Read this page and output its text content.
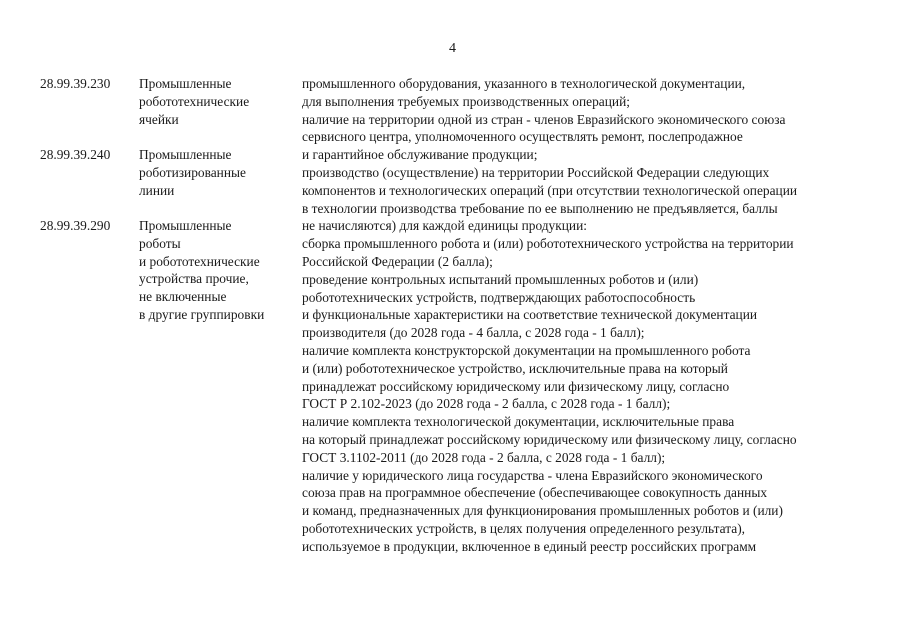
4
28.99.39.230
28.99.39.240
28.99.39.290
Промышленные
робототехнические
ячейки
Промышленные
роботизированные
линии
Промышленные
роботы
и робототехнические
устройства прочие,
не включенные
в другие группировки
промышленного оборудования, указанного в технологической документации,
для выполнения требуемых производственных операций;
наличие на территории одной из стран - членов Евразийского экономического союза
сервисного центра, уполномоченного осуществлять ремонт, послепродажное
и гарантийное обслуживание продукции;
производство (осуществление) на территории Российской Федерации следующих
компонентов и технологических операций (при отсутствии технологической операции
в технологии производства требование по ее выполнению не предъявляется, баллы
не начисляются) для каждой единицы продукции:
сборка промышленного робота и (или) робототехнического устройства на территории
Российской Федерации (2 балла);
проведение контрольных испытаний промышленных роботов и (или)
робототехнических устройств, подтверждающих работоспособность
и функциональные характеристики на соответствие технической документации
производителя (до 2028 года - 4 балла, с 2028 года - 1 балл);
наличие комплекта конструкторской документации на промышленного робота
и (или) робототехническое устройство, исключительные права на который
принадлежат российскому юридическому или физическому лицу, согласно
ГОСТ Р 2.102-2023 (до 2028 года - 2 балла, с 2028 года - 1 балл);
наличие комплекта технологической документации, исключительные права
на который принадлежат российскому юридическому или физическому лицу, согласно
ГОСТ 3.1102-2011 (до 2028 года - 2 балла, с 2028 года - 1 балл);
наличие у юридического лица государства - члена Евразийского экономического
союза прав на программное обеспечение (обеспечивающее совокупность данных
и команд, предназначенных для функционирования промышленных роботов и (или)
робототехнических устройств, в целях получения определенного результата),
используемое в продукции, включенное в единый реестр российских программ
